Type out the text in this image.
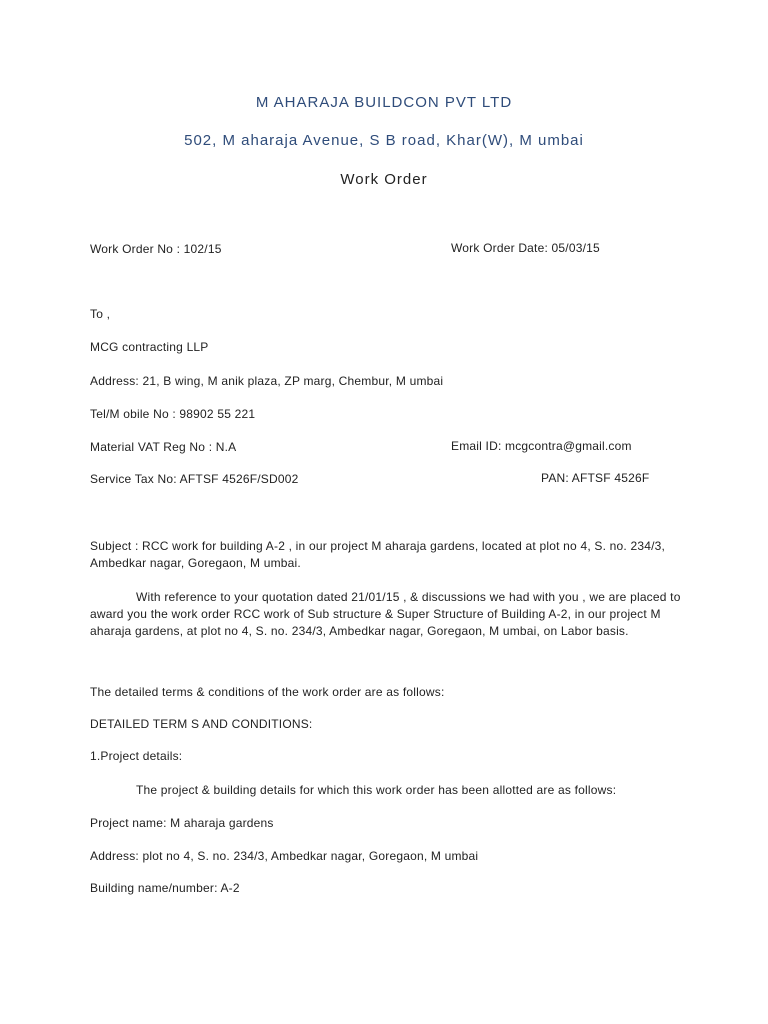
M AHARAJA BUILDCON PVT LTD
502, M aharaja Avenue, S B road, Khar(W), M umbai
Work Order
Work Order No : 102/15	Work Order Date: 05/03/15
To ,
MCG contracting LLP
Address: 21, B wing, M anik plaza, ZP marg, Chembur, M umbai
Tel/M obile No : 98902 55 221
Material VAT Reg No : N.A	Email ID: mcgcontra@gmail.com
Service Tax No: AFTSF 4526F/SD002	PAN: AFTSF 4526F
Subject : RCC work for building A-2 , in our project M aharaja gardens, located at plot no 4, S. no. 234/3, Ambedkar nagar, Goregaon, M umbai.
With reference to your quotation dated 21/01/15 , & discussions we had with you , we are placed to award you the work order RCC work of Sub structure & Super Structure of Building A-2, in our project M aharaja gardens, at plot no 4, S. no. 234/3, Ambedkar nagar, Goregaon, M umbai, on Labor basis.
The detailed terms & conditions of the work order are as follows:
DETAILED TERM S AND CONDITIONS:
1.Project details:
The project & building details for which this work order has been allotted are as follows:
Project name: M aharaja gardens
Address: plot no 4, S. no. 234/3, Ambedkar nagar, Goregaon, M umbai
Building name/number: A-2
